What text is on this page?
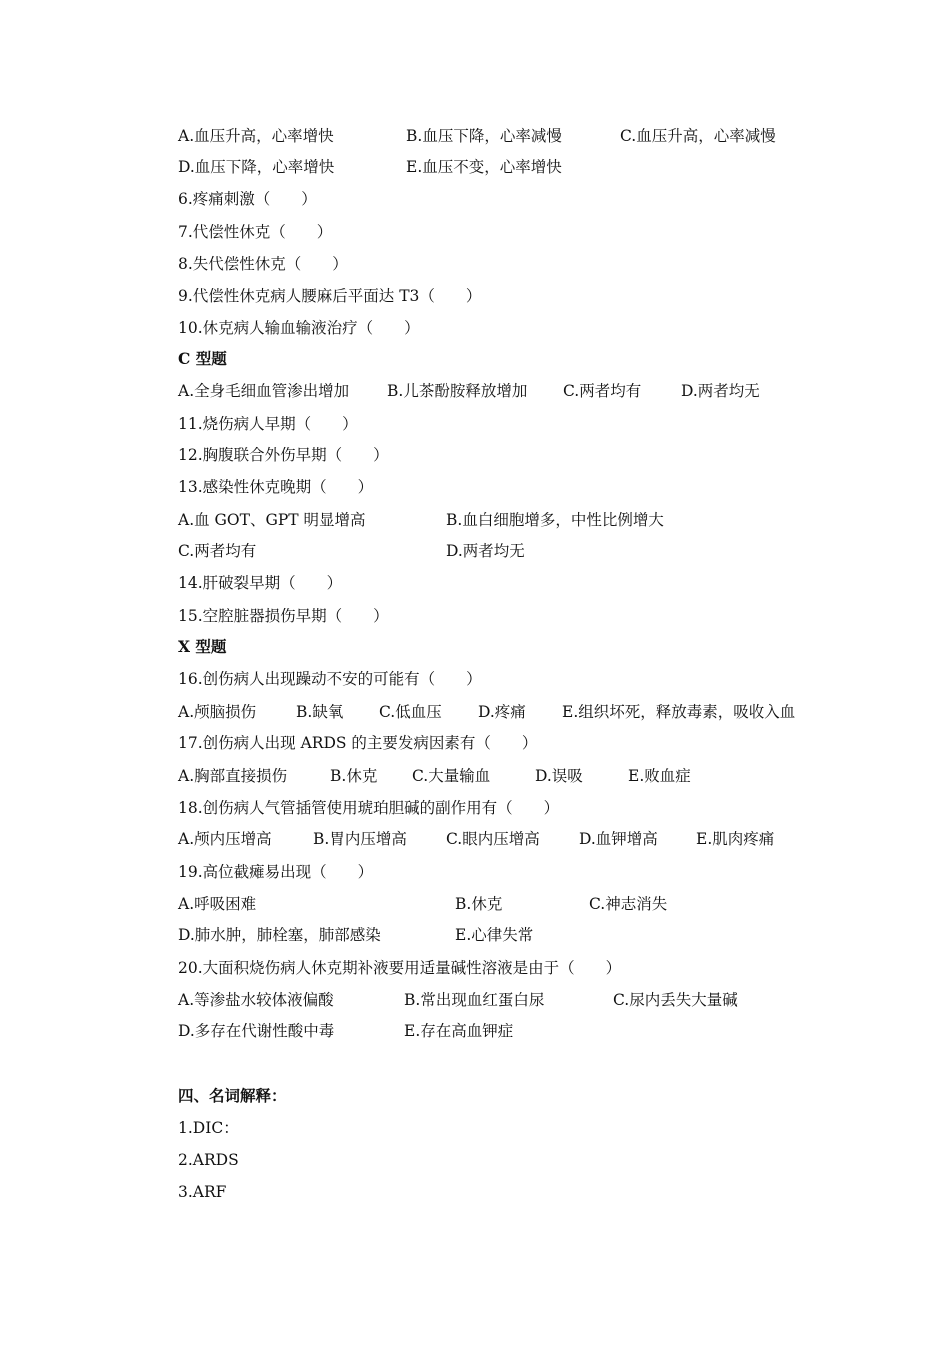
A.血压升高，心率增快	B.血压下降，心率减慢	C.血压升高，心率减慢
D.血压下降，心率增快	E.血压不变，心率增快
6.疼痛刺激（　　）
7.代偿性休克（　　）
8.失代偿性休克（　　）
9.代偿性休克病人腰麻后平面达 T3（　　）
10.休克病人输血输液治疗（　　）
C 型题
A.全身毛细血管渗出增加 B.儿茶酚胺释放增加 C.两者均有	D.两者均无
11.烧伤病人早期（　　）
12.胸腹联合外伤早期（　　）
13.感染性休克晚期（　　）
A.血 GOT、GPT 明显增高	B.血白细胞增多，中性比例增大
C.两者均有	D.两者均无
14.肝破裂早期（　　）
15.空腔脏器损伤早期（　　）
X 型题
16.创伤病人出现躁动不安的可能有（　　）
A.颅脑损伤	B.缺氧 C.低血压 D.疼痛 E.组织坏死，释放毒素，吸收入血
17.创伤病人出现 ARDS 的主要发病因素有（　　）
A.胸部直接损伤	B.休克 C.大量输血	D.误吸	E.败血症
18.创伤病人气管插管使用琥珀胆碱的副作用有（　　）
A.颅内压增高	B.胃内压增高	C.眼内压增高	D.血钾增高 E.肌肉疼痛
19.高位截瘫易出现（　　）
A.呼吸困难	B.休克	C.神志消失
D.肺水肿，肺栓塞，肺部感染	E.心律失常
20.大面积烧伤病人休克期补液要用适量碱性溶液是由于（　　）
A.等渗盐水较体液偏酸	B.常出现血红蛋白尿	C.尿内丢失大量碱
D.多存在代谢性酸中毒	E.存在高血钾症
四、名词解释：
1.DIC：
2.ARDS
3.ARF
